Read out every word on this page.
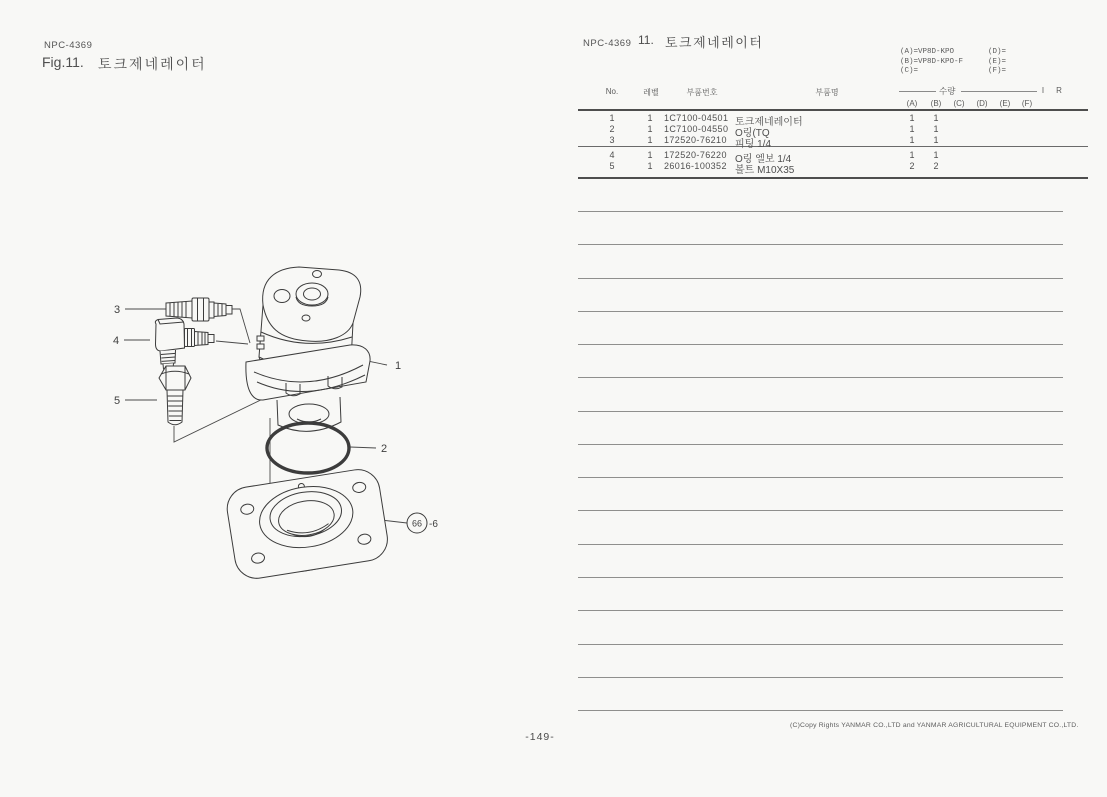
NPC-4369
Fig.11. 토크제네레이터
1
2
3
4
5
66 -6
NPC-4369 11. 토크제네레이터
(A)=VP8D-KPO	(D)=
(B)=VP8D-KPO-F	(E)=
(C)=	(F)=
No.	레벨	부품번호	부품명	수량	I	R
(A)	(B)	(C)	(D)	(E)	(F)
1	1	1C7100-04501 토크제네레이터	1	1
2	1	1C7100-04550 O링(TQ	1	1
3	1	172520-76210 피팅 1/4	1	1
4	1	172520-76220 O링 엘보 1/4	1	1
5	1	26016-100352 볼트 M10X35	2	2
(C)Copy Rights YANMAR CO.,LTD and YANMAR AGRICULTURAL EQUIPMENT CO.,LTD.
-149-
